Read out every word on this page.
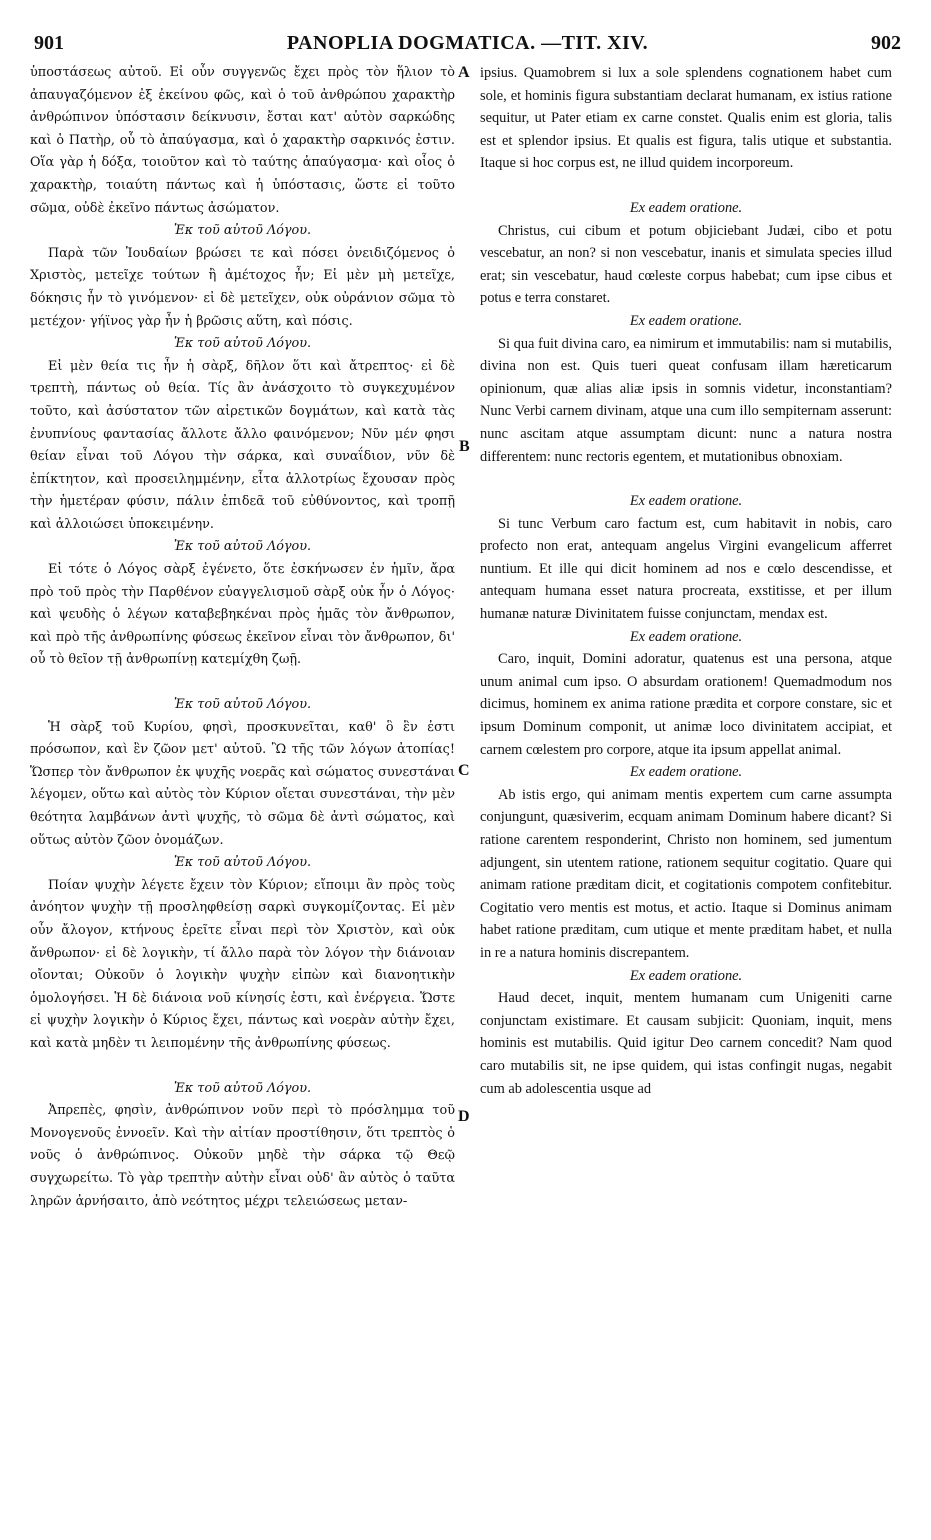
901	PANOPLIA DOGMATICA. —TIT. XIV.	902

ὑποστάσεως αὐτοῦ. Εἰ οὖν συγγενῶς ἔχει πρὸς τὸν ἥλιον τὸ ἀπαυγαζόμενον ἐξ ἐκείνου φῶς, καὶ ὁ τοῦ ἀνθρώπου χαρακτὴρ ἀνθρώπινον ὑπόστασιν δείκνυσιν, ἔσται κατ' αὐτὸν σαρκώδης καὶ ὁ Πατὴρ, οὗ τὸ ἀπαύγασμα, καὶ ὁ χαρακτὴρ σαρκινός ἐστιν. Οἵα γὰρ ἡ δόξα, τοιοῦτον καὶ τὸ ταύτης ἀπαύγασμα· καὶ οἷος ὁ χαρακτὴρ, τοιαύτη πάντως καὶ ἡ ὑπόστασις, ὥστε εἰ τοῦτο σῶμα, οὐδὲ ἐκεῖνο πάντως ἀσώματον.

Ἐκ τοῦ αὐτοῦ Λόγου.

Παρὰ τῶν Ἰουδαίων βρώσει τε καὶ πόσει ὀνειδιζόμενος ὁ Χριστὸς, μετεῖχε τούτων ἢ ἀμέτοχος ἦν; Εἰ μὲν μὴ μετεῖχε, δόκησις ἦν τὸ γινόμενον· εἰ δὲ μετεῖχεν, οὐκ οὐράνιον σῶμα τὸ μετέχον· γήϊνος γὰρ ἦν ἡ βρῶσις αὕτη, καὶ πόσις.

Ἐκ τοῦ αὐτοῦ Λόγου.

Εἰ μὲν θεία τις ἦν ἡ σὰρξ, δῆλον ὅτι καὶ ἄτρεπτος· εἰ δὲ τρεπτὴ, πάντως οὐ θεία. Τίς ἂν ἀνάσχοιτο τὸ συγκεχυμένον τοῦτο, καὶ ἀσύστατον τῶν αἱρετικῶν δογμάτων, καὶ κατὰ τὰς ἐνυπνίους φαντασίας ἄλλοτε ἄλλο φαινόμενον; Νῦν μέν φησι θείαν εἶναι τοῦ Λόγου τὴν σάρκα, καὶ συναΐδιον, νῦν δὲ ἐπίκτητον, καὶ προσειλημμένην, εἶτα ἀλλοτρίως ἔχουσαν πρὸς τὴν ἡμετέραν φύσιν, πάλιν ἐπιδεᾶ τοῦ εὐθύνοντος, καὶ τροπῇ καὶ ἀλλοιώσει ὑποκειμένην.

Ἐκ τοῦ αὐτοῦ Λόγου.

Εἰ τότε ὁ Λόγος σὰρξ ἐγένετο, ὅτε ἐσκήνωσεν ἐν ἡμῖν, ἄρα πρὸ τοῦ πρὸς τὴν Παρθένον εὐαγγελισμοῦ σὰρξ οὐκ ἦν ὁ Λόγος· καὶ ψευδὴς ὁ λέγων καταβεβηκέναι πρὸς ἡμᾶς τὸν ἄνθρωπον, καὶ πρὸ τῆς ἀνθρωπίνης φύσεως ἐκεῖνον εἶναι τὸν ἄνθρωπον, δι' οὗ τὸ θεῖον τῇ ἀνθρωπίνῃ κατεμίχθη ζωῇ.

Ἐκ τοῦ αὐτοῦ Λόγου.

Ἡ σὰρξ τοῦ Κυρίου, φησὶ, προσκυνεῖται, καθ' ὃ ἓν ἐστι πρόσωπον, καὶ ἓν ζῶον μετ' αὐτοῦ. Ὢ τῆς τῶν λόγων ἀτοπίας! Ὥσπερ τὸν ἄνθρωπον ἐκ ψυχῆς νοερᾶς καὶ σώματος συνεστάναι λέγομεν, οὕτω καὶ αὐτὸς τὸν Κύριον οἴεται συνεστάναι, τὴν μὲν θεότητα λαμβάνων ἀντὶ ψυχῆς, τὸ σῶμα δὲ ἀντὶ σώματος, καὶ οὕτως αὐτὸν ζῶον ὀνομάζων.

Ἐκ τοῦ αὐτοῦ Λόγου.

Ποίαν ψυχὴν λέγετε ἔχειν τὸν Κύριον; εἴποιμι ἂν πρὸς τοὺς ἀνόητον ψυχὴν τῇ προσληφθείσῃ σαρκὶ συγκομίζοντας. Εἰ μὲν οὖν ἄλογον, κτήνους ἐρεῖτε εἶναι περὶ τὸν Χριστὸν, καὶ οὐκ ἄνθρωπον· εἰ δὲ λογικὴν, τί ἄλλο παρὰ τὸν λόγον τὴν διάνοιαν οἴονται; Οὐκοῦν ὁ λογικὴν ψυχὴν εἰπὼν καὶ διανοητικὴν ὁμολογήσει. Ἡ δὲ διάνοια νοῦ κίνησίς ἐστι, καὶ ἐνέργεια. Ὥστε εἰ ψυχὴν λογικὴν ὁ Κύριος ἔχει, πάντως καὶ νοερὰν αὐτὴν ἔχει, καὶ κατὰ μηδὲν τι λειπομένην τῆς ἀνθρωπίνης φύσεως.

Ἐκ τοῦ αὐτοῦ Λόγου.

Ἀπρεπὲς, φησὶν, ἀνθρώπινον νοῦν περὶ τὸ πρόσλημμα τοῦ Μονογενοῦς ἐννοεῖν. Καὶ τὴν αἰτίαν προστίθησιν, ὅτι τρεπτὸς ὁ νοῦς ὁ ἀνθρώπινος. Οὐκοῦν μηδὲ τὴν σάρκα τῷ Θεῷ συγχωρείτω. Τὸ γὰρ τρεπτὴν αὐτὴν εἶναι οὐδ' ἂν αὐτὸς ὁ ταῦτα ληρῶν ἀρνήσαιτο, ἀπὸ νεότητος μέχρι τελειώσεως μεταν-

ipsius. Quamobrem si lux a sole splendens cognationem habet cum sole, et hominis figura substantiam declarat humanam, ex istius ratione sequitur, ut Pater etiam ex carne constet. Qualis enim est gloria, talis est et splendor ipsius. Et qualis est figura, talis utique et substantia. Itaque si hoc corpus est, ne illud quidem incorporeum.

Ex eadem oratione.

Christus, cui cibum et potum objiciebant Judæi, cibo et potu vescebatur, an non? si non vescebatur, inanis et simulata species illud erat; sin vescebatur, haud cœleste corpus habebat; cum ipse cibus et potus e terra constaret.

Ex eadem oratione.

Si qua fuit divina caro, ea nimirum et immutabilis: nam si mutabilis, divina non est. Quis tueri queat confusam illam hæreticarum opinionum, quæ alias aliæ ipsis in somnis videtur, inconstantiam? Nunc Verbi carnem divinam, atque una cum illo sempiternam asserunt: nunc ascitam atque assumptam dicunt: nunc a natura nostra differentem: nunc rectoris egentem, et mutationibus obnoxiam.

Ex eadem oratione.

Si tunc Verbum caro factum est, cum habitavit in nobis, caro profecto non erat, antequam angelus Virgini evangelicum afferret nuntium. Et ille qui dicit hominem ad nos e cœlo descendisse, et antequam humana esset natura procreata, exstitisse, et per illum humanæ naturæ Divinitatem fuisse conjunctam, mendax est.

Ex eadem oratione.

Caro, inquit, Domini adoratur, quatenus est una persona, atque unum animal cum ipso. O absurdam orationem! Quemadmodum nos dicimus, hominem ex anima ratione prædita et corpore constare, sic et ipsum Dominum componit, ut animæ loco divinitatem accipiat, et carnem cœlestem pro corpore, atque ita ipsum appellat animal.

Ex eadem oratione.

Ab istis ergo, qui animam mentis expertem cum carne assumpta conjungunt, quæsiverim, ecquam animam Dominum habere dicant? Si ratione carentem responderint, Christo non hominem, sed jumentum adjungent, sin utentem ratione, rationem sequitur cogitatio. Quare qui animam ratione præditam dicit, et cogitationis compotem confitebitur. Cogitatio vero mentis est motus, et actio. Itaque si Dominus animam habet ratione præditam, cum utique et mente præditam habet, et nulla in re a natura hominis discrepantem.

Ex eadem oratione.

Haud decet, inquit, mentem humanam cum Unigeniti carne conjunctam existimare. Et causam subjicit: Quoniam, inquit, mens hominis est mutabilis. Quid igitur Deo carnem concedit? Nam quod caro mutabilis sit, ne ipse quidem, qui istas confingit nugas, negabit cum ab adolescentia usque ad

A
B
C
D
